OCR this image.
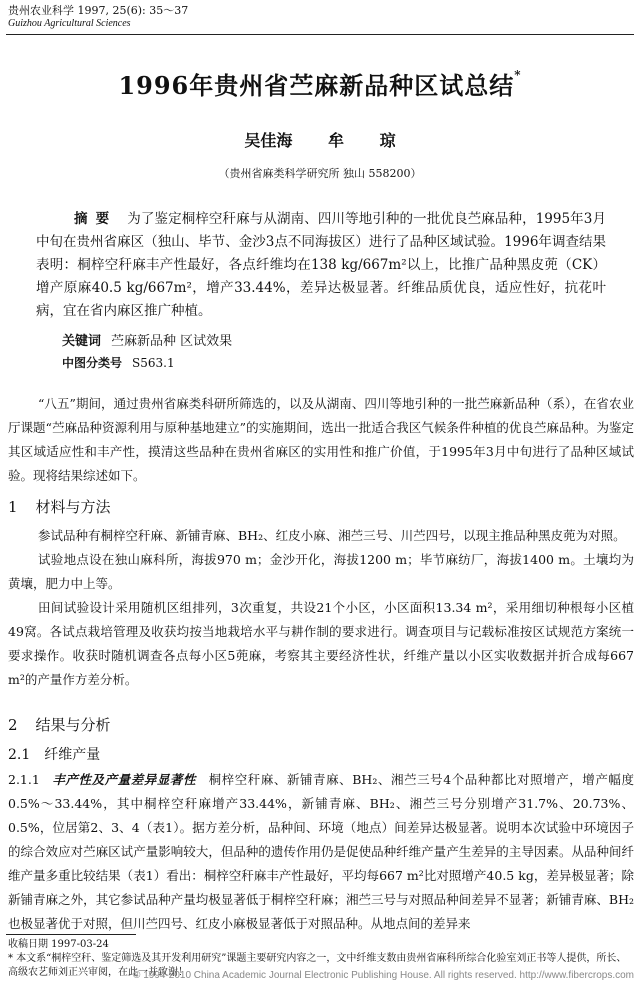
贵州农业科学 1997, 25(6): 35～37
Guizhou Agricultural Sciences
1996年贵州省苎麻新品种区试总结*
吴佳海 牟 琼
（贵州省麻类科学研究所 独山 558200）
摘要 为了鉴定桐梓空秆麻与从湖南、四川等地引种的一批优良苎麻品种，1995年3月中旬在贵州省麻区（独山、毕节、金沙3点不同海拔区）进行了品种区域试验。1996年调查结果表明：桐梓空秆麻丰产性最好，各点纤维均在138 kg/667m²以上，比推广品种黑皮蔸（CK）增产原麻40.5 kg/667m²，增产33.44%，差异达极显著。纤维品质优良，适应性好，抗花叶病，宜在省内麻区推广种植。
关键词 苎麻新品种 区试效果
中图分类号 S563.1

“八五”期间，通过贵州省麻类科研所筛选的，以及从湖南、四川等地引种的一批苎麻新品种（系），在省农业厅课题“苎麻品种资源利用与原种基地建立”的实施期间，选出一批适合我区气候条件种植的优良苎麻品种。为鉴定其区域适应性和丰产性，摸清这些品种在贵州省麻区的实用性和推广价值，于1995年3月中旬进行了品种区域试验。现将结果综述如下。

1 材料与方法

参试品种有桐梓空秆麻、新铺青麻、BH₂、红皮小麻、湘苎三号、川苎四号，以现主推品种黑皮蔸为对照。

试验地点设在独山麻科所，海拔970 m；金沙开化，海拔1200 m；毕节麻纺厂，海拔1400 m。土壤均为黄壤，肥力中上等。

田间试验设计采用随机区组排列，3次重复，共设21个小区，小区面积13.34 m²，采用细切种根每小区植49窝。各试点栽培管理及收获均按当地栽培水平与耕作制的要求进行。调查项目与记载标准按区试规范方案统一要求操作。收获时随机调查各点每小区5蔸麻，考察其主要经济性状，纤维产量以小区实收数据并折合成每667 m²的产量作方差分析。

2 结果与分析
2.1 纤维产量

2.1.1 丰产性及产量差异显著性 桐梓空秆麻、新铺青麻、BH₂、湘苎三号4个品种都比对照增产，增产幅度0.5%～33.44%，其中桐梓空秆麻增产33.44%，新铺青麻、BH₂、湘苎三号分别增产31.7%、20.73%、0.5%，位居第2、3、4（表1）。据方差分析，品种间、环境（地点）间差异达极显著。说明本次试验中环境因子的综合效应对苎麻区试产量影响较大，但品种的遗传作用仍是促使品种纤维产量产生差异的主导因素。从品种间纤维产量多重比较结果（表1）看出：桐梓空秆麻丰产性最好，平均每667 m²比对照增产40.5 kg，差异极显著；除新铺青麻之外，其它参试品种产量均极显著低于桐梓空秆麻；湘苎三号与对照品种间差异不显著；新铺青麻、BH₂也极显著优于对照，但川苎四号、红皮小麻极显著低于对照品种。从地点间的差异来

收稿日期 1997-03-24
* 本文系“桐梓空秆、鉴定筛选及其开发利用研究”课题主要研究内容之一，文中纤维支数由贵州省麻科所综合化验室刘正书等人提供，所长、高级农艺师刘正兴审阅，在此一并致谢！
© 1994-2010 China Academic Journal Electronic Publishing House. All rights reserved. http://www.fibercrops.com
